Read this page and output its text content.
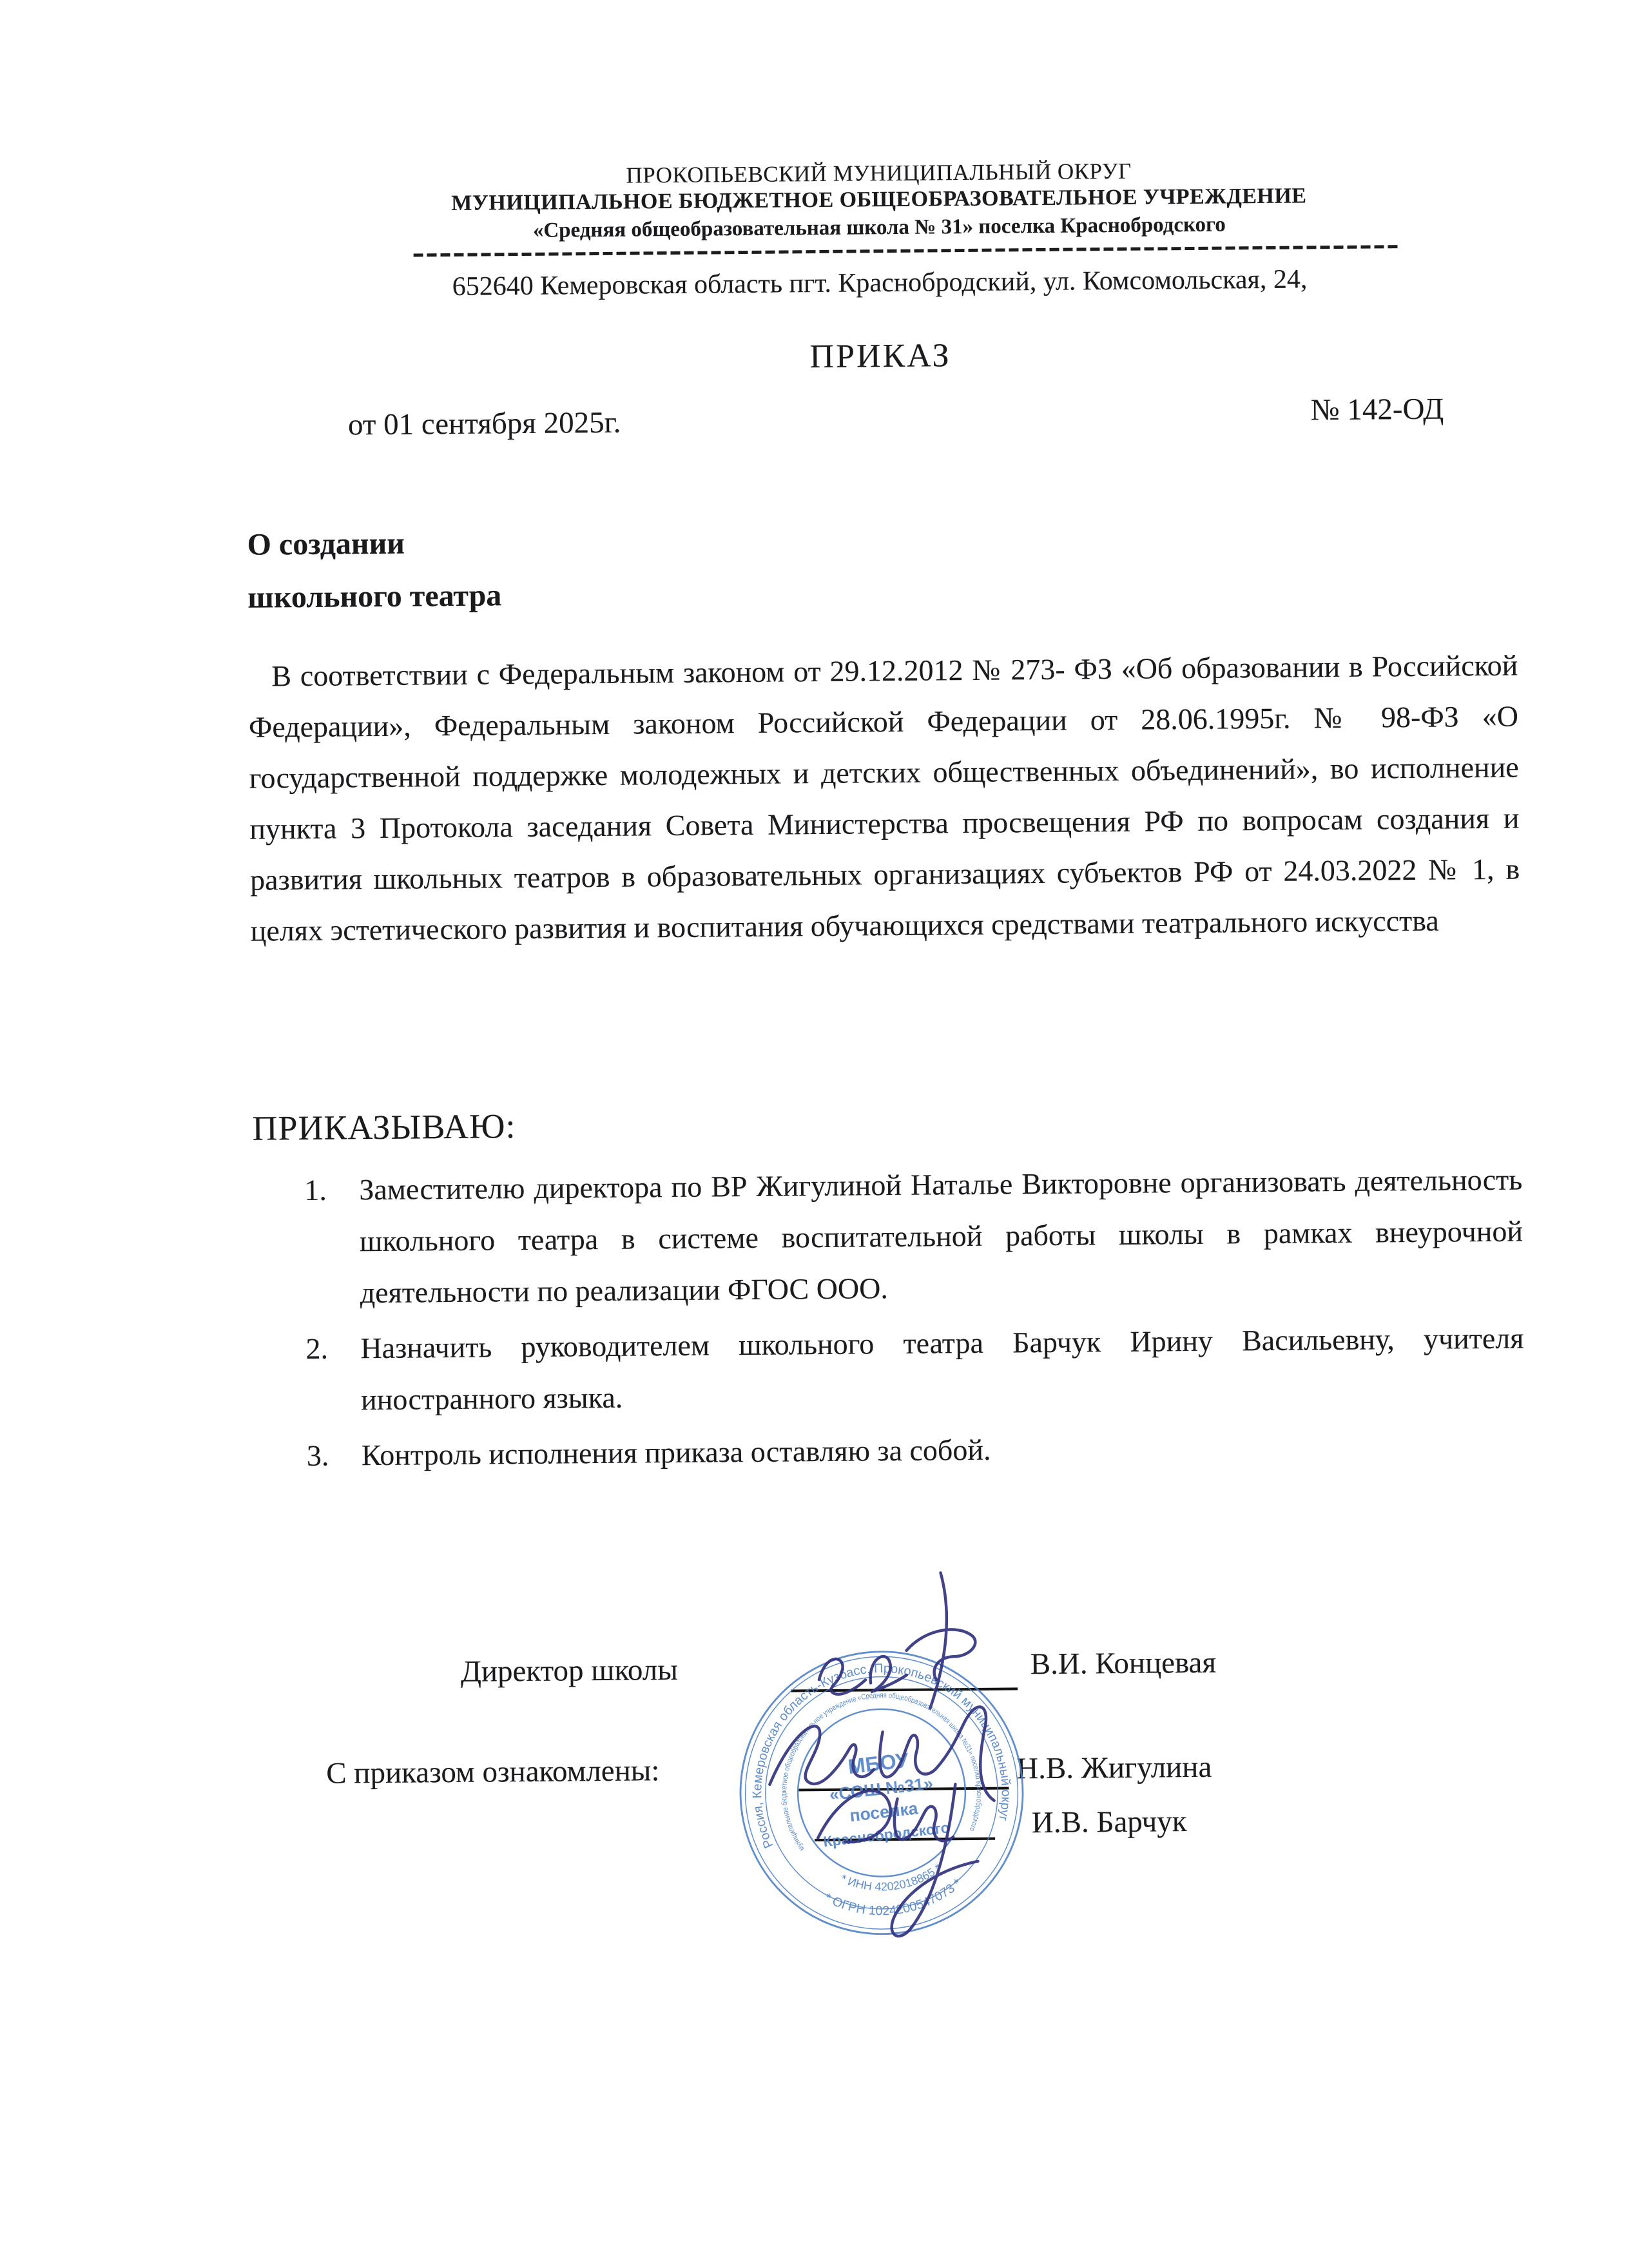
ПРОКОПЬЕВСКИЙ МУНИЦИПАЛЬНЫЙ ОКРУГ
МУНИЦИПАЛЬНОЕ БЮДЖЕТНОЕ ОБЩЕОБРАЗОВАТЕЛЬНОЕ УЧРЕЖДЕНИЕ
«Средняя общеобразовательная школа № 31» поселка Краснобродского
652640 Кемеровская область пгт. Краснобродский, ул. Комсомольская, 24,
ПРИКАЗ
от 01 сентября 2025г.	№ 142-ОД
О создании
школьного театра
В соответствии с Федеральным законом от 29.12.2012 № 273- ФЗ «Об образовании в Российской Федерации», Федеральным законом Российской Федерации от 28.06.1995г. № 98-ФЗ «О государственной поддержке молодежных и детских общественных объединений», во исполнение пункта 3 Протокола заседания Совета Министерства просвещения РФ по вопросам создания и развития школьных театров в образовательных организациях субъектов РФ от 24.03.2022 № 1, в целях эстетического развития и воспитания обучающихся средствами театрального искусства
ПРИКАЗЫВАЮ:
1.	Заместителю директора по ВР Жигулиной Наталье Викторовне организовать деятельность школьного театра в системе воспитательной работы школы в рамках внеурочной деятельности по реализации ФГОС ООО.
2.	Назначить руководителем школьного театра Барчук Ирину Васильевну, учителя иностранного языка.
3.	Контроль исполнения приказа оставляю за собой.
Директор школы	В.И. Концевая
С приказом ознакомлены:	Н.В. Жигулина
И.В. Барчук
Россия, Кемеровская область-Кузбасс, Прокопьевский муниципальный округ
* ОГРН 1024200547073 *
муниципальное бюджетное общеобразовательное учреждение «Средняя общеобразовательная школа №31» поселка Краснобродского
* ИНН 4202018865 *
МБОУ
«СОШ №31»
поселка
Краснобродского
